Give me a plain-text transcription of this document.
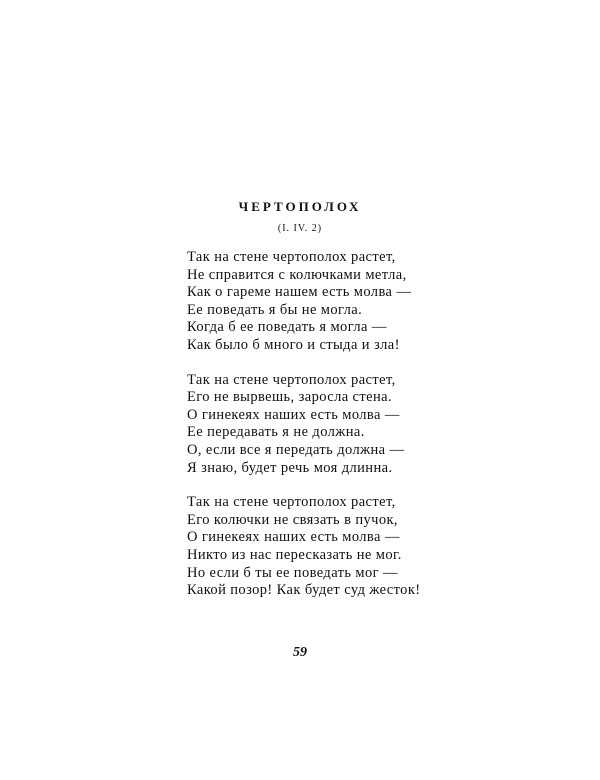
ЧЕРТОПОЛОХ
(I. IV. 2)
Так на стене чертополох растет,
Не справится с колючками метла,
Как о гареме нашем есть молва —
Ее поведать я бы не могла.
Когда б ее поведать я могла —
Как было б много и стыда и зла!
Так на стене чертополох растет,
Его не вырвешь, заросла стена.
О гинекеях наших есть молва —
Ее передавать я не должна.
О, если все я передать должна —
Я знаю, будет речь моя длинна.
Так на стене чертополох растет,
Его колючки не связать в пучок,
О гинекеях наших есть молва —
Никто из нас пересказать не мог.
Но если б ты ее поведать мог —
Какой позор! Как будет суд жесток!
59
